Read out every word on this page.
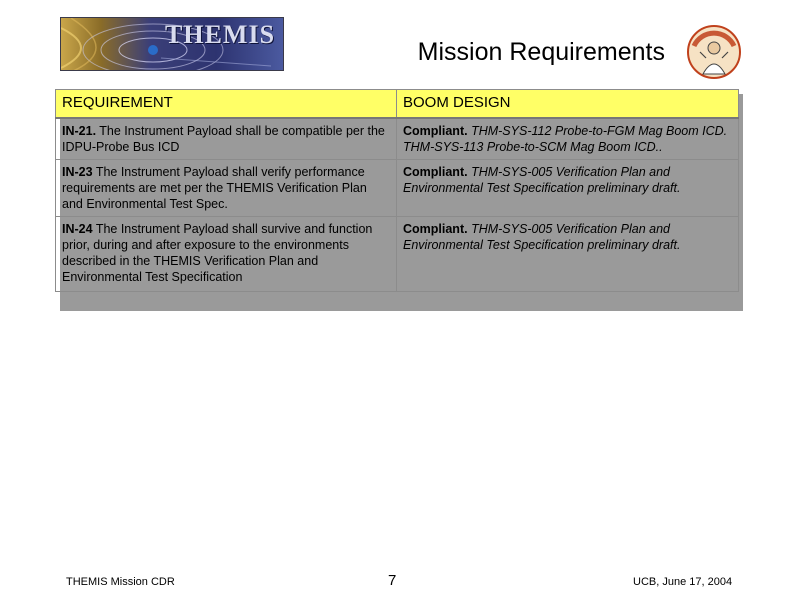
THEMIS
Mission Requirements
REQUIREMENT	BOOM DESIGN
IN-21. The Instrument Payload shall be compatible per the IDPU-Probe Bus ICD	Compliant. THM-SYS-112 Probe-to-FGM Mag Boom ICD. THM-SYS-113 Probe-to-SCM Mag Boom ICD..
IN-23 The Instrument Payload shall verify performance requirements are met per the THEMIS Verification Plan and Environmental Test Spec.	Compliant. THM-SYS-005 Verification Plan and Environmental Test Specification preliminary draft.
IN-24 The Instrument Payload shall survive and function prior, during and after exposure to the environments described in the THEMIS Verification Plan and Environmental Test Specification	Compliant. THM-SYS-005 Verification Plan and Environmental Test Specification preliminary draft.
THEMIS Mission CDR	7	UCB, June 17, 2004
